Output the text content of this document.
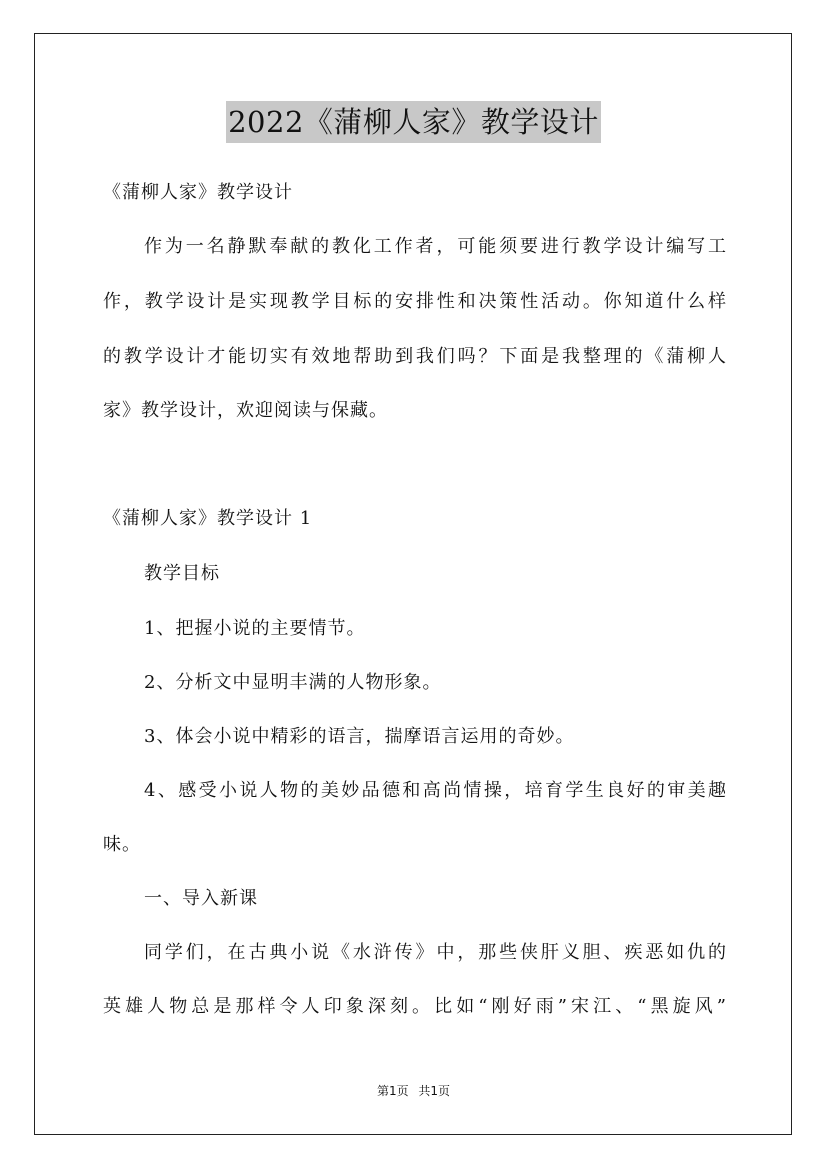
2022《蒲柳人家》教学设计
《蒲柳人家》教学设计
作为一名静默奉献的教化工作者，可能须要进行教学设计编写工
作，教学设计是实现教学目标的安排性和决策性活动。你知道什么样
的教学设计才能切实有效地帮助到我们吗？下面是我整理的《蒲柳人
家》教学设计，欢迎阅读与保藏。
《蒲柳人家》教学设计 1
教学目标
1、把握小说的主要情节。
2、分析文中显明丰满的人物形象。
3、体会小说中精彩的语言，揣摩语言运用的奇妙。
4、感受小说人物的美妙品德和高尚情操，培育学生良好的审美趣
味。
一、导入新课
同学们，在古典小说《水浒传》中，那些侠肝义胆、疾恶如仇的
英雄人物总是那样令人印象深刻。比如“刚好雨”宋江、“黑旋风”
第1页 共1页
